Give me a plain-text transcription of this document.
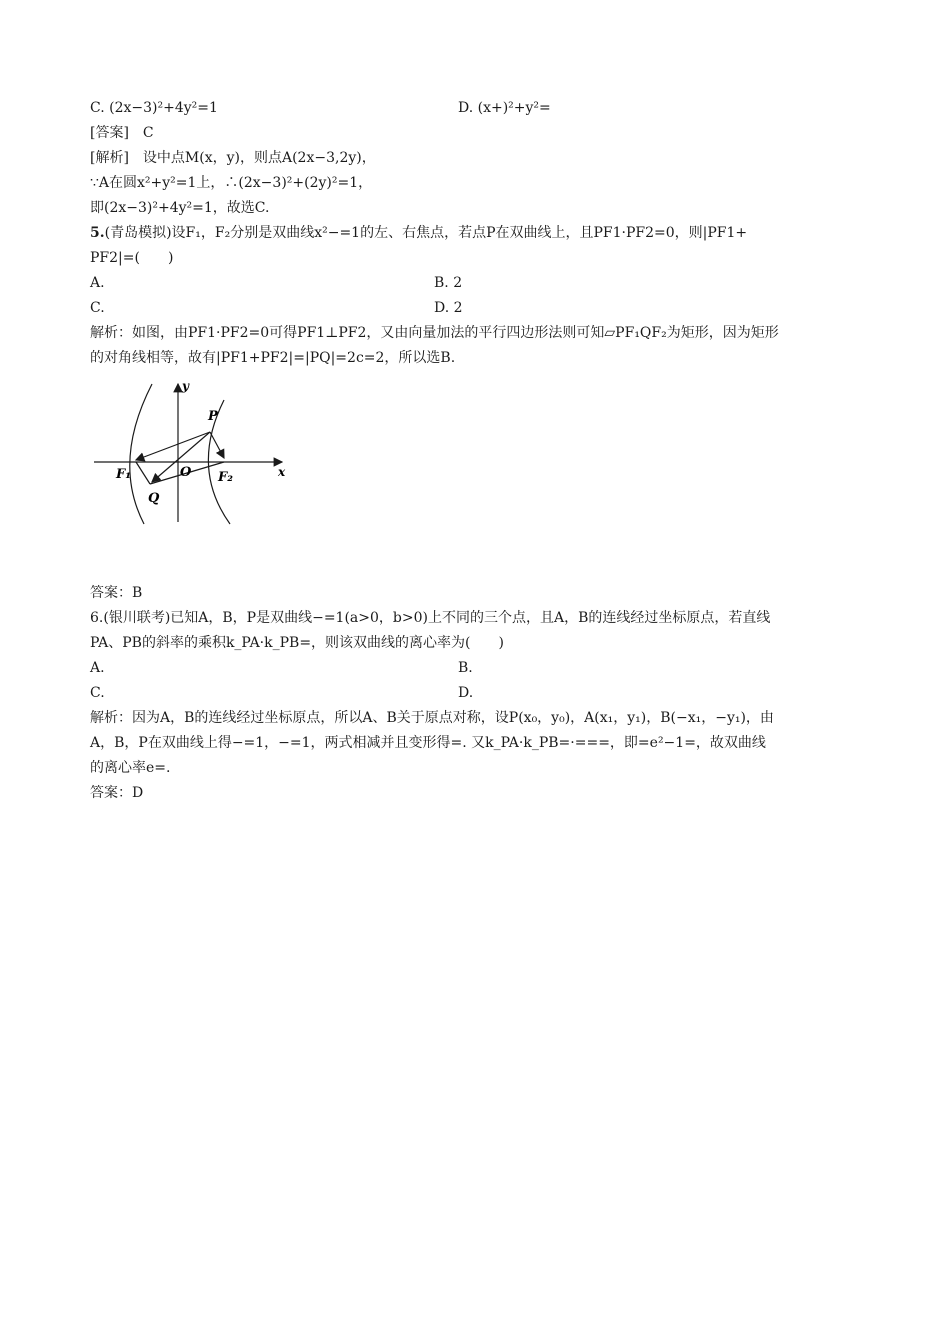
C. (2x−3)²+4y²=1	D. (x+)²+y²=
[答案]　C
[解析]　设中点M(x，y)，则点A(2x−3,2y)，
∵A在圆x²+y²=1上，∴(2x−3)²+(2y)²=1，
即(2x−3)²+4y²=1，故选C.
5.(青岛模拟)设F₁，F₂分别是双曲线x²−=1的左、右焦点，若点P在双曲线上，且PF1·PF2=0，则|PF1+
PF2|=(　　)
A.	B. 2
C.	D. 2
解析：如图，由PF1·PF2=0可得PF1⊥PF2，又由向量加法的平行四边形法则可知▱PF₁QF₂为矩形，因为矩形
的对角线相等，故有|PF1+PF2|=|PQ|=2c=2，所以选B.
y
x
P
O
F₁	F₂
Q
答案：B
6.(银川联考)已知A，B，P是双曲线−=1(a>0，b>0)上不同的三个点，且A，B的连线经过坐标原点，若直线
PA、PB的斜率的乘积k_PA·k_PB=，则该双曲线的离心率为(　　)
A.	B.
C.	D.
解析：因为A，B的连线经过坐标原点，所以A、B关于原点对称，设P(x₀，y₀)，A(x₁，y₁)，B(−x₁，−y₁)，由
A，B，P在双曲线上得−=1，−=1，两式相减并且变形得=. 又k_PA·k_PB=·===，即=e²−1=，故双曲线
的离心率e=.
答案：D
